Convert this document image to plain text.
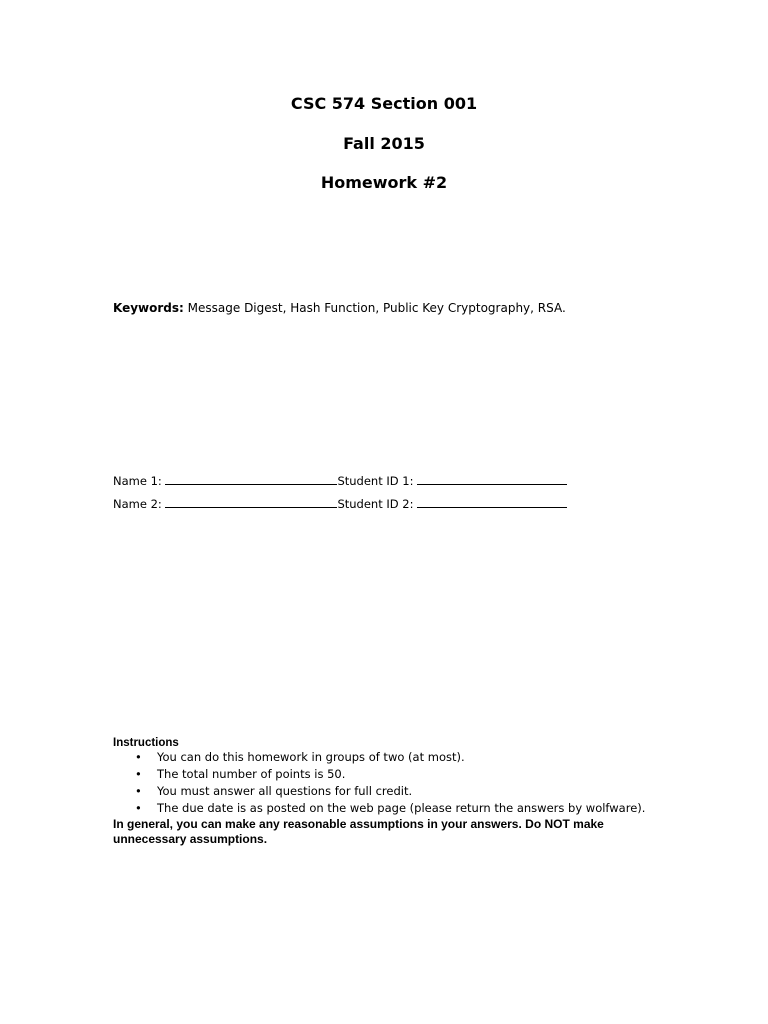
CSC 574 Section 001
Fall 2015
Homework #2
Keywords: Message Digest, Hash Function, Public Key Cryptography, RSA.
Name 1:	Student ID 1:
Name 2:	Student ID 2:
Instructions
• You can do this homework in groups of two (at most).
• The total number of points is 50.
• You must answer all questions for full credit.
• The due date is as posted on the web page (please return the answers by wolfware).
In general, you can make any reasonable assumptions in your answers. Do NOT make unnecessary assumptions.
